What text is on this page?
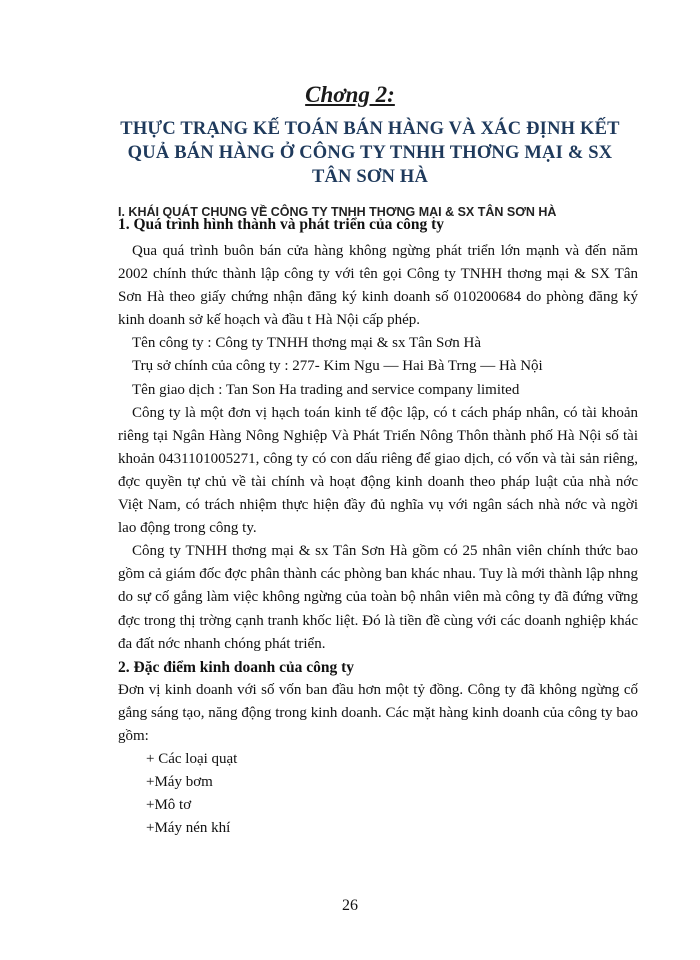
Chơng 2:
THỰC TRẠNG KẾ TOÁN BÁN HÀNG VÀ XÁC ĐỊNH KẾT
QUẢ BÁN HÀNG Ở CÔNG TY TNHH THƠNG MẠI & SX
TÂN SƠN HÀ
I. KHÁI QUÁT CHUNG VỀ CÔNG TY TNHH THƠNG MẠI & SX TÂN SƠN HÀ
1. Quá trình hình thành và phát triển của công ty

Qua quá trình buôn bán cửa hàng không ngừng phát triển lớn mạnh và đến năm 2002 chính thức thành lập công ty với tên gọi Công ty TNHH thơng mại & SX Tân Sơn Hà theo giấy chứng nhận đăng ký kinh doanh số 010200684 do phòng đăng ký kinh doanh sở kế hoạch và đầu t Hà Nội cấp phép.

Tên công ty : Công ty TNHH thơng mại & sx Tân Sơn Hà

Trụ sở chính của công ty : 277- Kim Ngu — Hai Bà Trng — Hà Nội

Tên giao dịch : Tan Son Ha trading and service company limited

Công ty là một đơn vị hạch toán kinh tế độc lập, có t cách pháp nhân, có tài khoản riêng tại Ngân Hàng Nông Nghiệp Và Phát Triển Nông Thôn thành phố Hà Nội số tài khoản 0431101005271, công ty có con dấu riêng để giao dịch, có vốn và tài sản riêng, đợc quyền tự chủ về tài chính và hoạt động kinh doanh theo pháp luật của nhà nớc Việt Nam, có trách nhiệm thực hiện đầy đủ nghĩa vụ với ngân sách nhà nớc và ngời lao động trong công ty.

Công ty TNHH thơng mại & sx Tân Sơn Hà gồm có 25 nhân viên chính thức bao gồm cả giám đốc đợc phân thành các phòng ban khác nhau. Tuy là mới thành lập nhng do sự cố gắng làm việc không ngừng của toàn bộ nhân viên mà công ty đã đứng vững đợc trong thị trờng cạnh tranh khốc liệt. Đó là tiền đề cùng với các doanh nghiệp khác đa đất nớc nhanh chóng phát triển.

2. Đặc điểm kinh doanh của công ty

Đơn vị kinh doanh với số vốn ban đầu hơn một tỷ đồng. Công ty đã không ngừng cố gắng sáng tạo, năng động trong kinh doanh. Các mặt hàng kinh doanh của công ty bao gồm:

+ Các loại quạt

+Máy bơm

+Mô tơ

+Máy nén khí

26
